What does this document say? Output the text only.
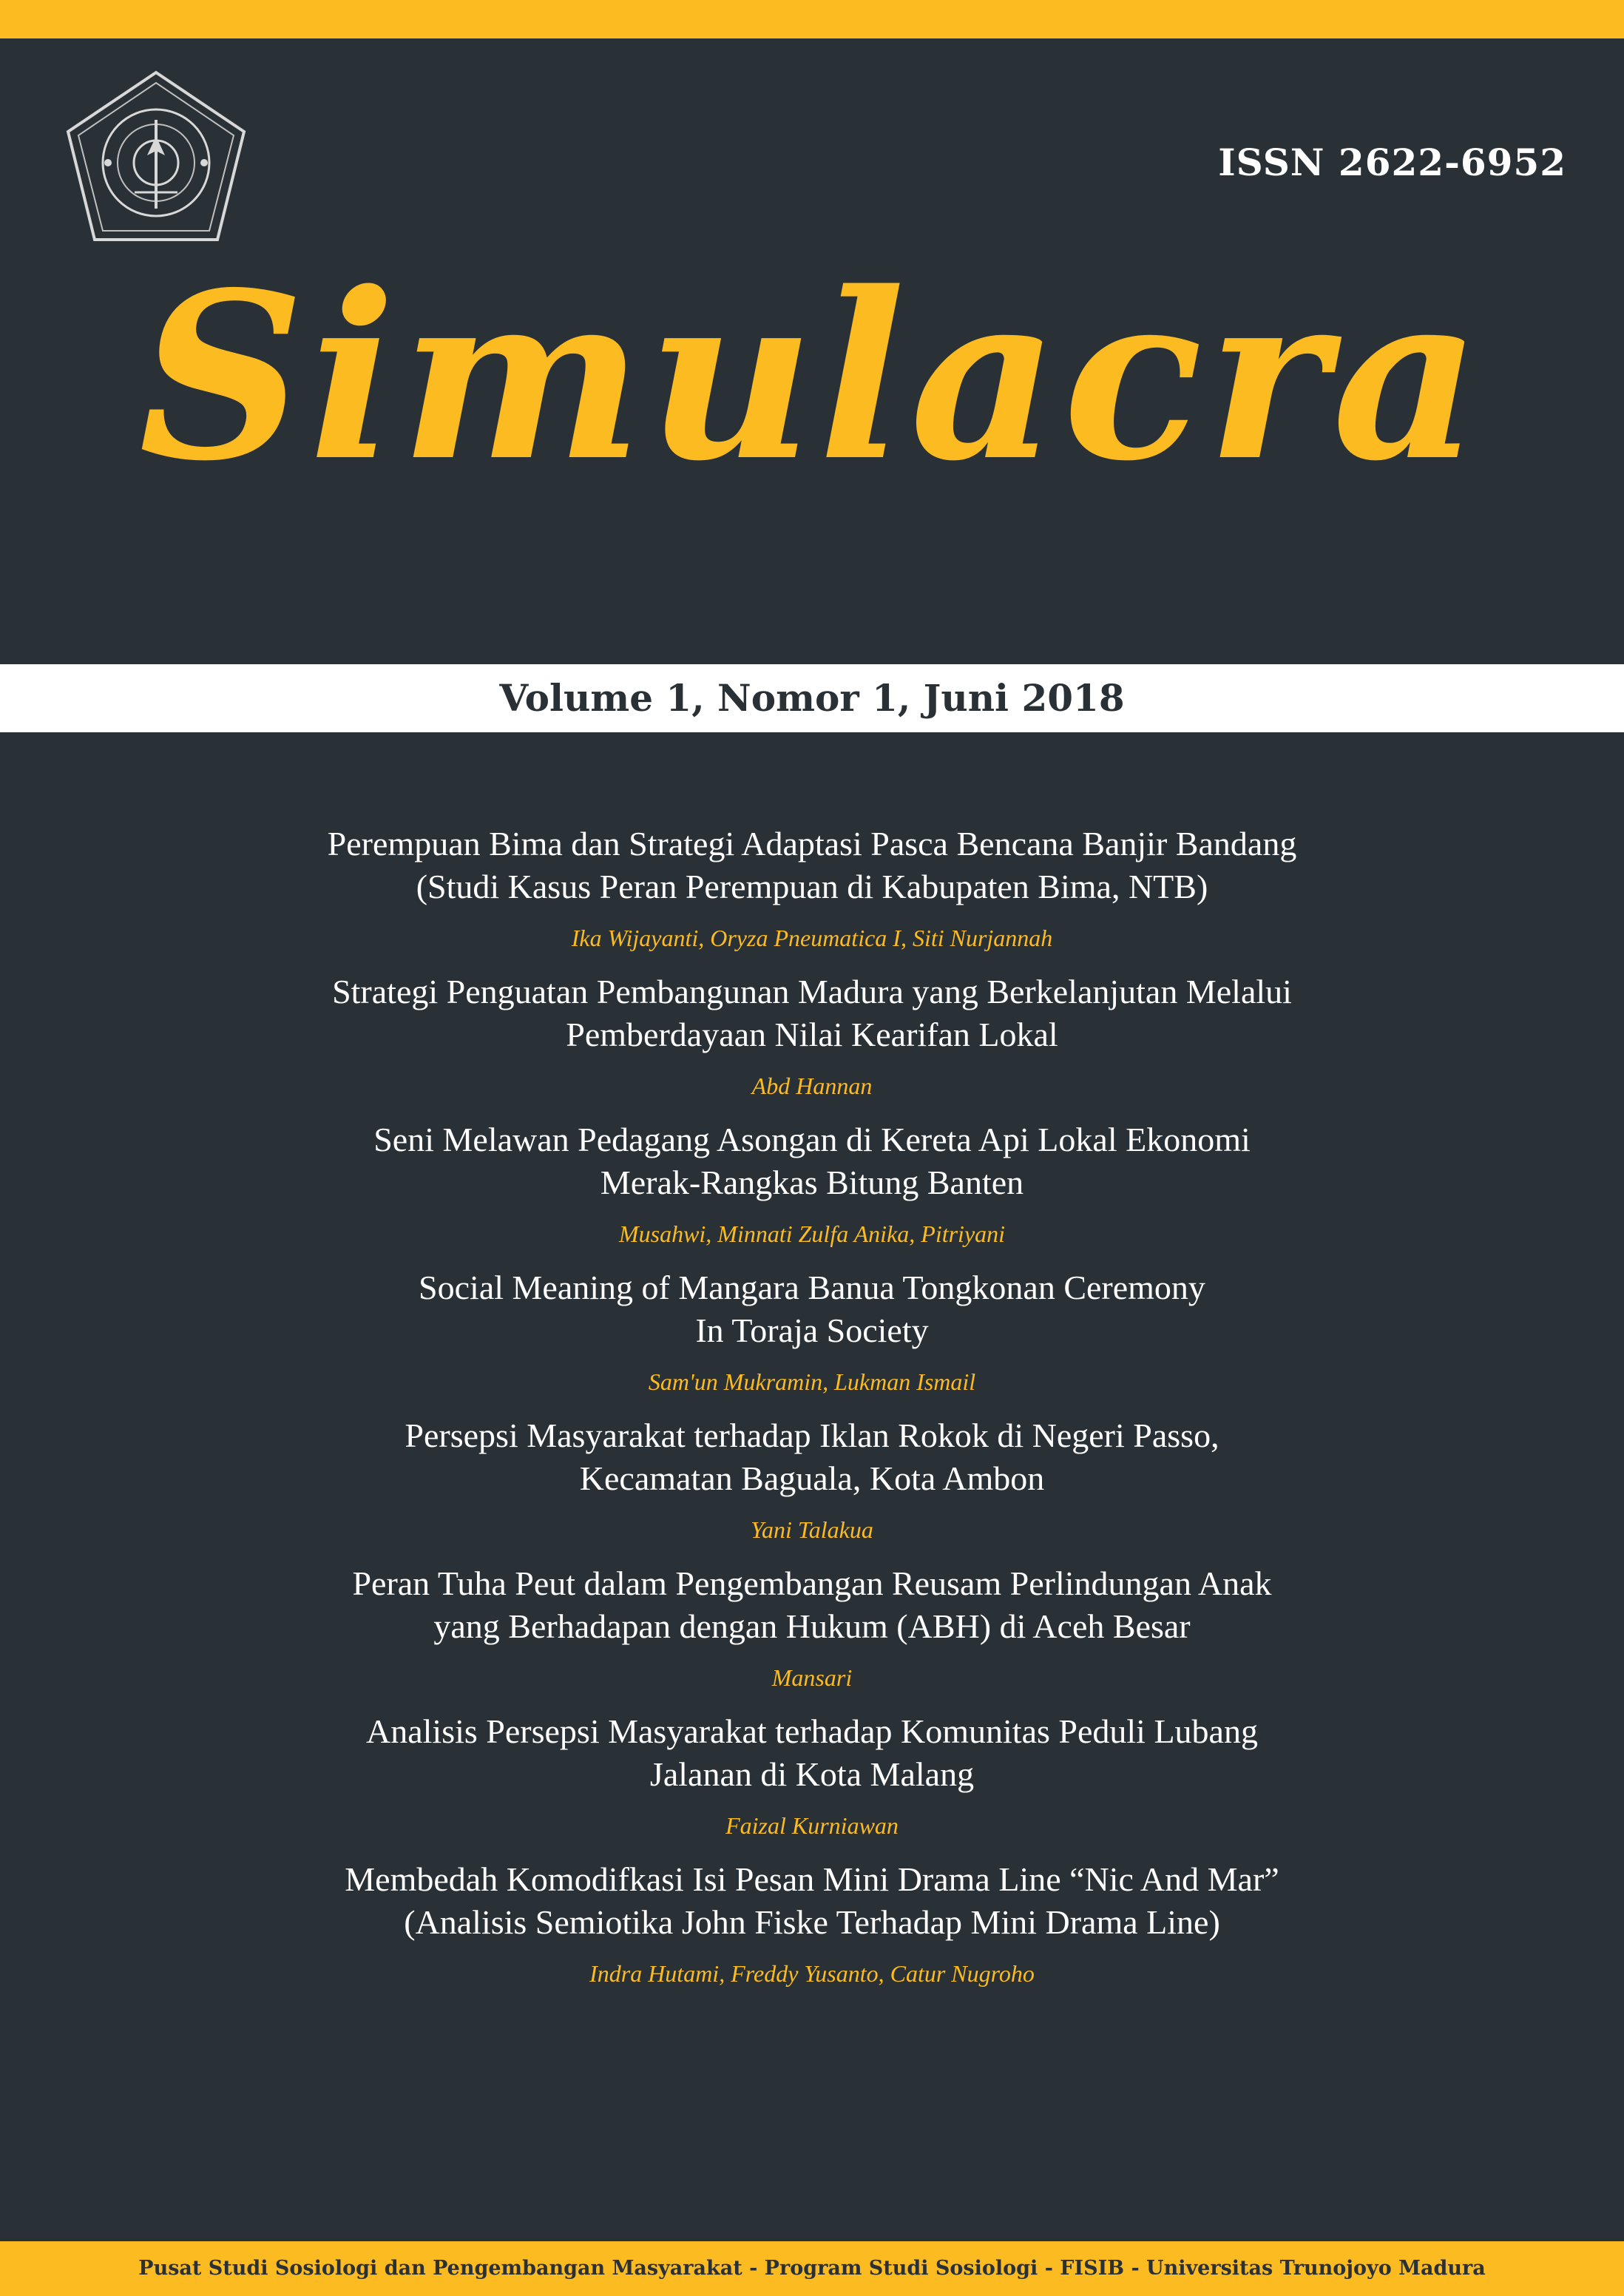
ISSN 2622-6952
Simulacra
Volume 1, Nomor 1, Juni 2018

Perempuan Bima dan Strategi Adaptasi Pasca Bencana Banjir Bandang
(Studi Kasus Peran Perempuan di Kabupaten Bima, NTB)

Ika Wijayanti, Oryza Pneumatica I, Siti Nurjannah

Strategi Penguatan Pembangunan Madura yang Berkelanjutan Melalui
Pemberdayaan Nilai Kearifan Lokal

Abd Hannan

Seni Melawan Pedagang Asongan di Kereta Api Lokal Ekonomi
Merak-Rangkas Bitung Banten

Musahwi, Minnati Zulfa Anika, Pitriyani

Social Meaning of Mangara Banua Tongkonan Ceremony
In Toraja Society

Sam'un Mukramin, Lukman Ismail

Persepsi Masyarakat terhadap Iklan Rokok di Negeri Passo,
Kecamatan Baguala, Kota Ambon

Yani Talakua

Peran Tuha Peut dalam Pengembangan Reusam Perlindungan Anak
yang Berhadapan dengan Hukum (ABH) di Aceh Besar

Mansari

Analisis Persepsi Masyarakat terhadap Komunitas Peduli Lubang
Jalanan di Kota Malang

Faizal Kurniawan

Membedah Komodifkasi Isi Pesan Mini Drama Line “Nic And Mar”
(Analisis Semiotika John Fiske Terhadap Mini Drama Line)

Indra Hutami, Freddy Yusanto, Catur Nugroho
Pusat Studi Sosiologi dan Pengembangan Masyarakat - Program Studi Sosiologi - FISIB - Universitas Trunojoyo Madura
